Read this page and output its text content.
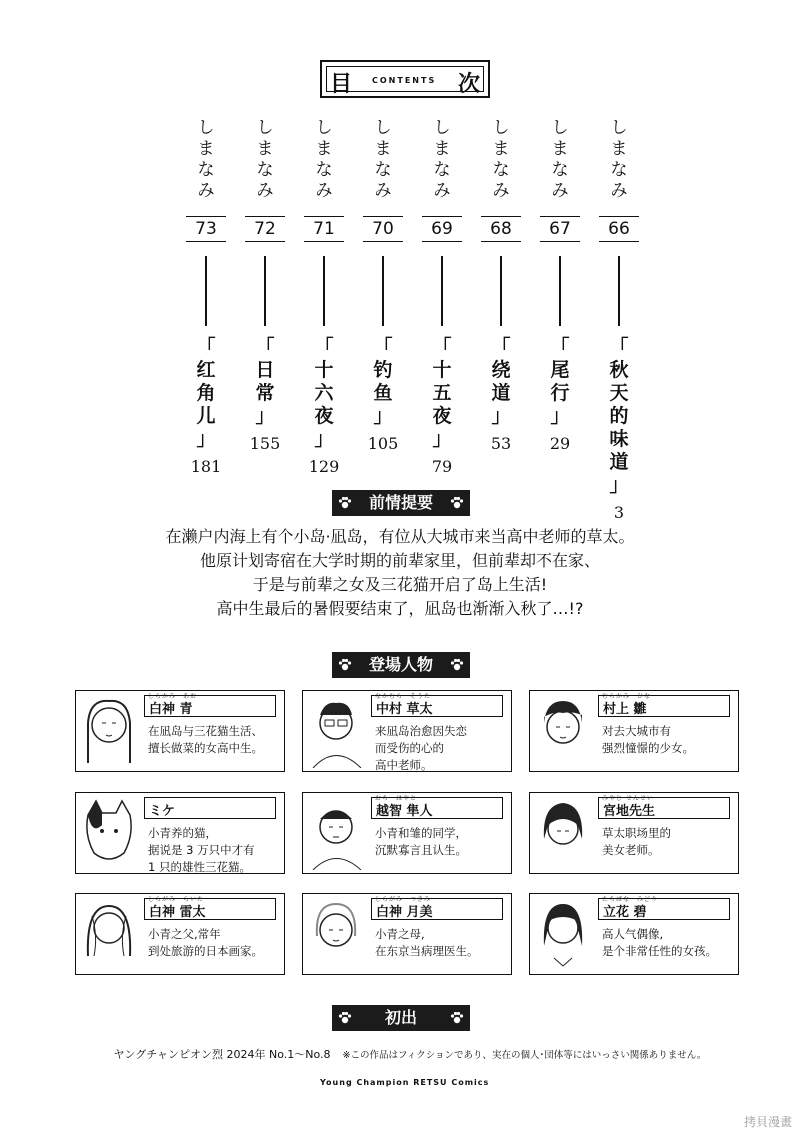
目 CONTENTS 次
し
ま
な
み
73
「
红
角
儿
」
181
し
ま
な
み
72
「
日
常
」
155
し
ま
な
み
71
「
十
六
夜
」
129
し
ま
な
み
70
「
钓
鱼
」
105
し
ま
な
み
69
「
十
五
夜
」
79
し
ま
な
み
68
「
绕
道
」
53
し
ま
な
み
67
「
尾
行
」
29
し
ま
な
み
66
「
秋
天
的
味
道
」
3
前情提要
在濑户内海上有个小岛·凪岛，有位从大城市来当高中老师的草太。
他原计划寄宿在大学时期的前辈家里，但前辈却不在家、
于是与前辈之女及三花猫开启了岛上生活!
高中生最后的暑假要结束了，凪岛也渐渐入秋了…!?
登場人物
しらかみ　あお
白神 青
在凪岛与三花猫生活、
擅长做菜的女高中生。
なかむら　そうた
中村 草太
来凪岛治愈因失恋
而受伤的心的
高中老师。
むらかみ　ひな
村上 雛
对去大城市有
强烈憧憬的少女。
ミケ
小青养的猫，
据说是 3 万只中才有
1 只的雄性三花猫。
おち　はやと
越智 隼人
小青和雏的同学，
沉默寡言且认生。
みやじ せんせい
宮地先生
草太职场里的
美女老师。
しらがみ　らいた
白神 雷太
小青之父,常年
到处旅游的日本画家。
しらがみ　つきみ
白神 月美
小青之母,
在东京当病理医生。
たちばな　みどり
立花 碧
高人气偶像,
是个非常任性的女孩。
初出
ヤングチャンピオン烈 2024年 No.1～No.8 ※この作品はフィクションであり、実在の個人･団体等にはいっさい関係ありません。
Young Champion RETSU Comics
拷貝漫畫
